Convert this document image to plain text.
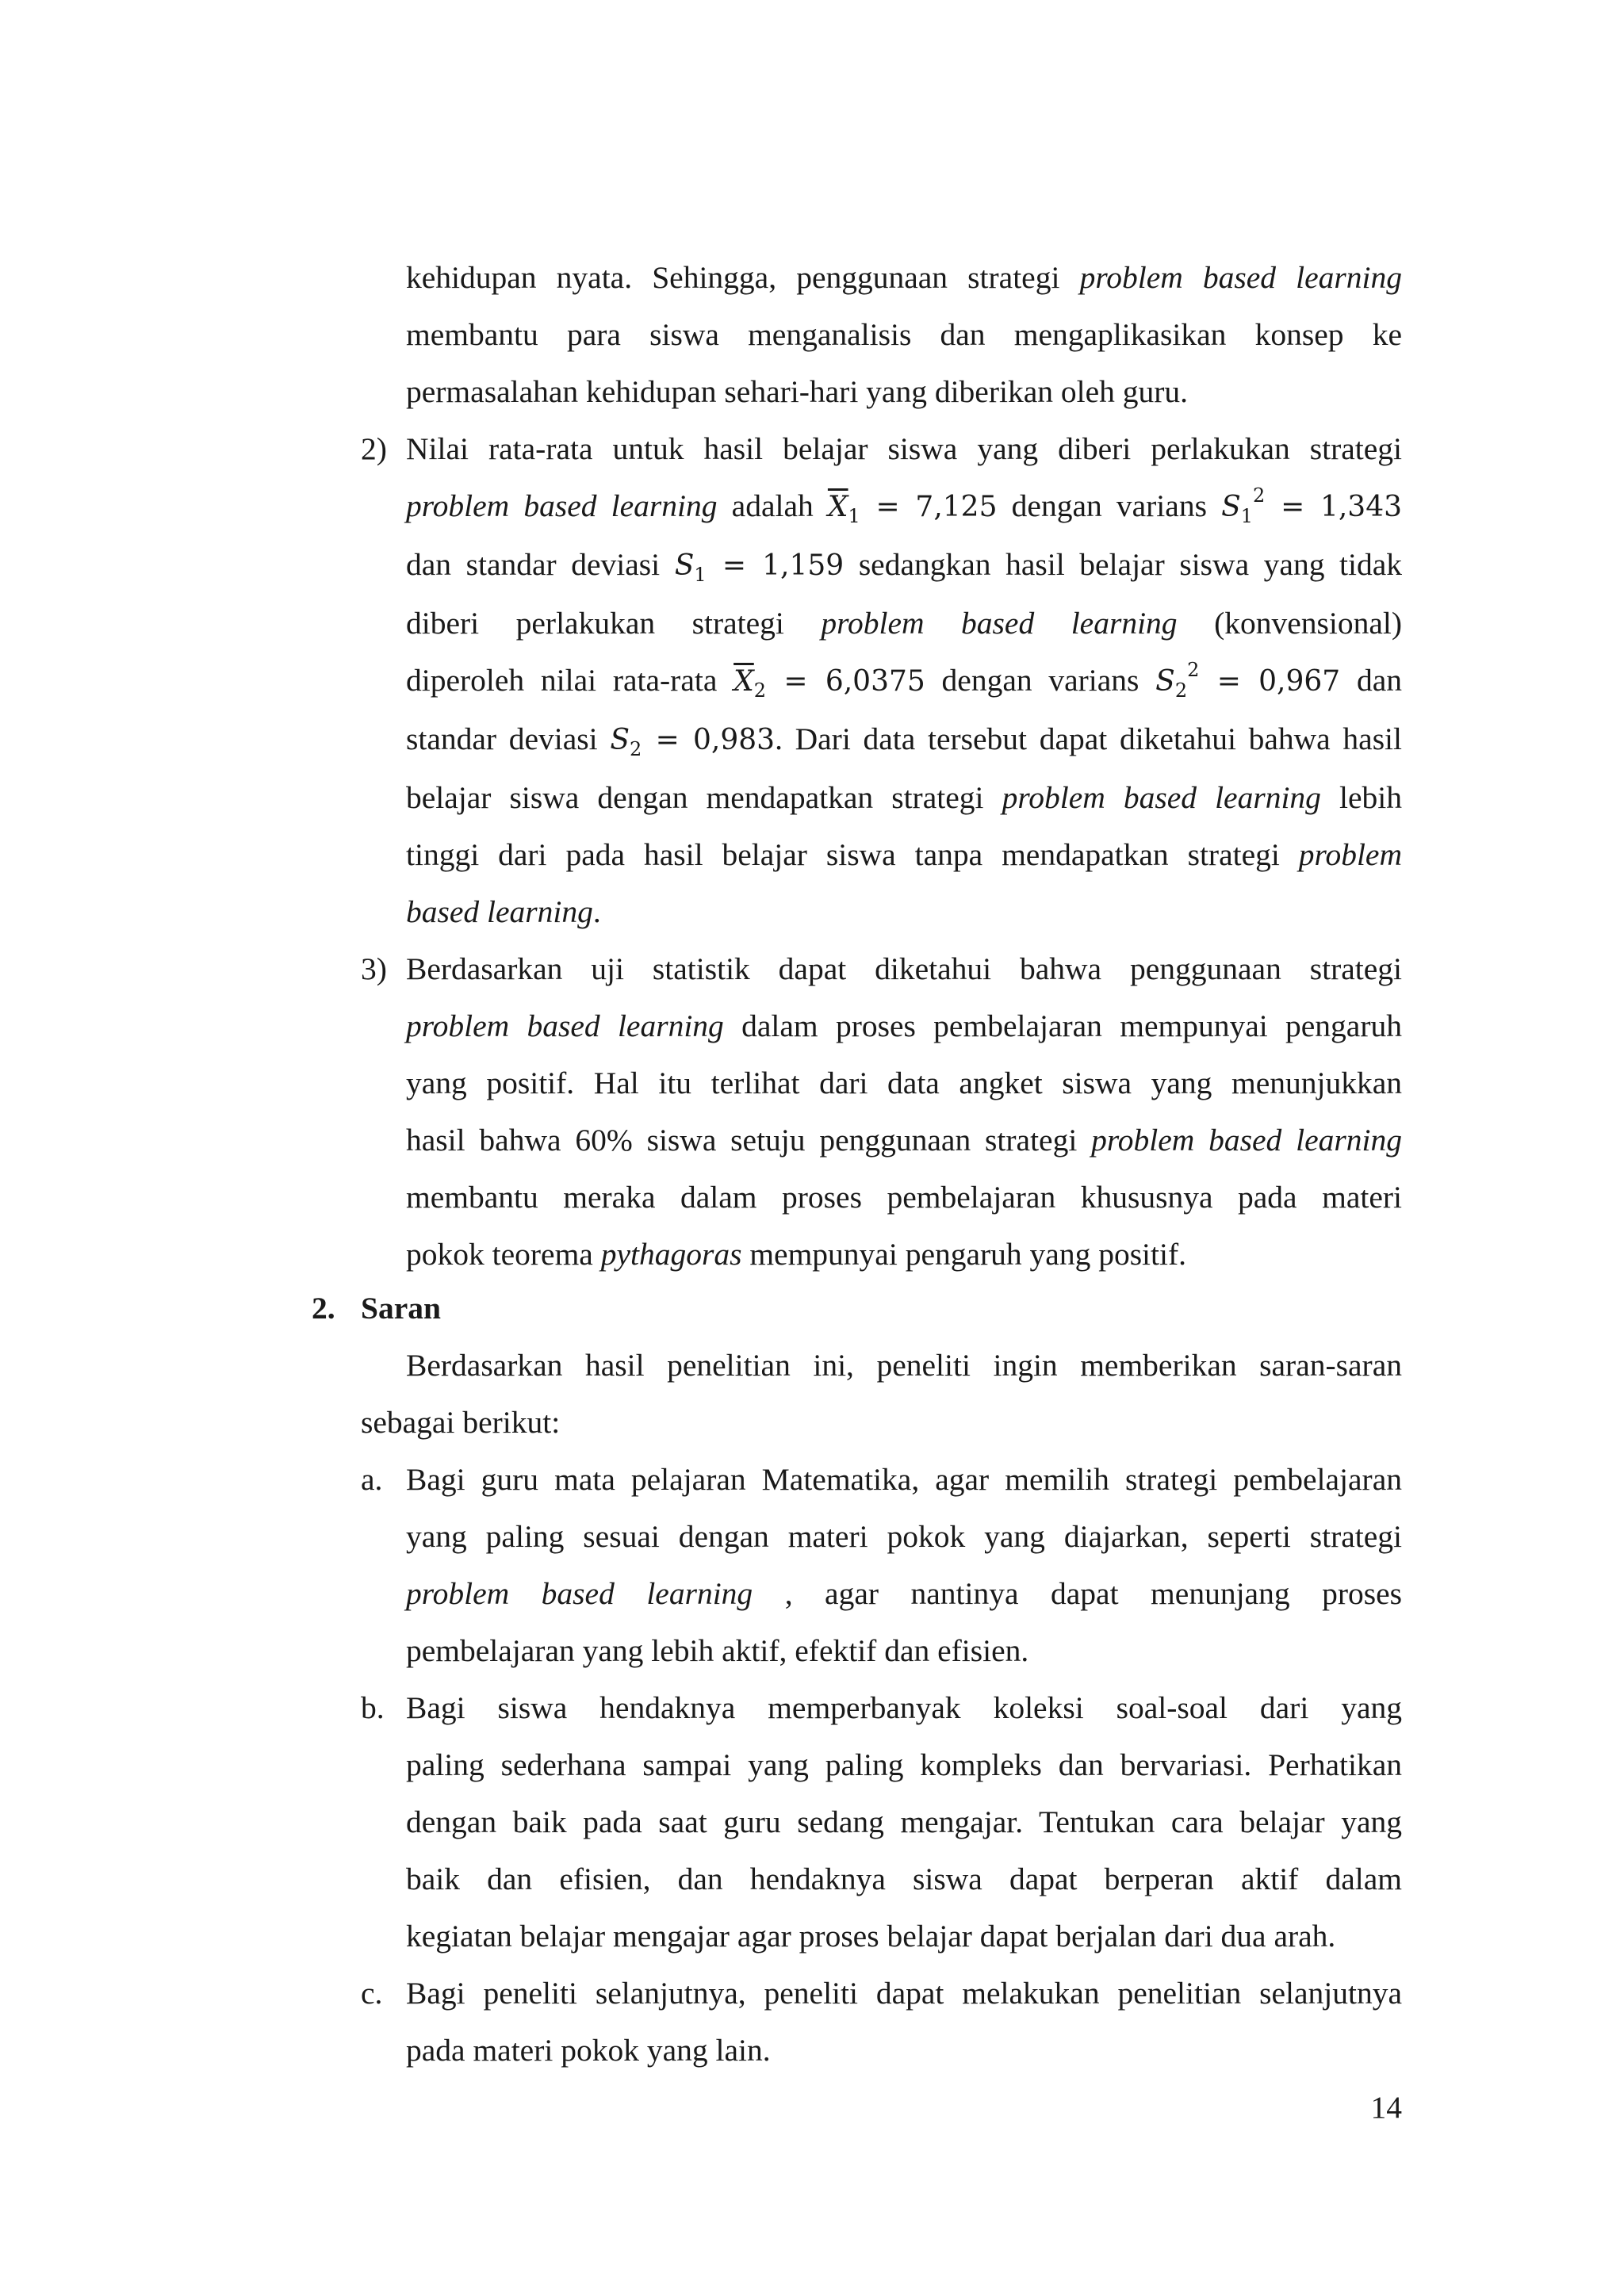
kehidupan nyata. Sehingga, penggunaan strategi problem based learning
membantu para siswa menganalisis dan mengaplikasikan konsep ke
permasalahan kehidupan sehari-hari yang diberikan oleh guru.
2) Nilai rata-rata untuk hasil belajar siswa yang diberi perlakukan strategi
problem based learning adalah $\overline{X}_1 = 7,125$ dengan varians $S_1^2 = 1,343$
dan standar deviasi $S_1 = 1,159$ sedangkan hasil belajar siswa yang tidak
diberi perlakukan strategi problem based learning (konvensional)
diperoleh nilai rata-rata $\overline{X}_2 = 6,0375$ dengan varians $S_2^2 = 0,967$ dan
standar deviasi $S_2 = 0,983$. Dari data tersebut dapat diketahui bahwa hasil
belajar siswa dengan mendapatkan strategi problem based learning lebih
tinggi dari pada hasil belajar siswa tanpa mendapatkan strategi problem
based learning.
3) Berdasarkan uji statistik dapat diketahui bahwa penggunaan strategi
problem based learning dalam proses pembelajaran mempunyai pengaruh
yang positif. Hal itu terlihat dari data angket siswa yang menunjukkan
hasil bahwa 60% siswa setuju penggunaan strategi problem based learning
membantu meraka dalam proses pembelajaran khususnya pada materi
pokok teorema pythagoras mempunyai pengaruh yang positif.
2. Saran
Berdasarkan hasil penelitian ini, peneliti ingin memberikan saran-saran
sebagai berikut:
a. Bagi guru mata pelajaran Matematika, agar memilih strategi pembelajaran
yang paling sesuai dengan materi pokok yang diajarkan, seperti strategi
problem based learning , agar nantinya dapat menunjang proses
pembelajaran yang lebih aktif, efektif dan efisien.
b. Bagi siswa hendaknya memperbanyak koleksi soal-soal dari yang
paling sederhana sampai yang paling kompleks dan bervariasi. Perhatikan
dengan baik pada saat guru sedang mengajar. Tentukan cara belajar yang
baik dan efisien, dan hendaknya siswa dapat berperan aktif dalam
kegiatan belajar mengajar agar proses belajar dapat berjalan dari dua arah.
c. Bagi peneliti selanjutnya, peneliti dapat melakukan penelitian selanjutnya
pada materi pokok yang lain.
14
